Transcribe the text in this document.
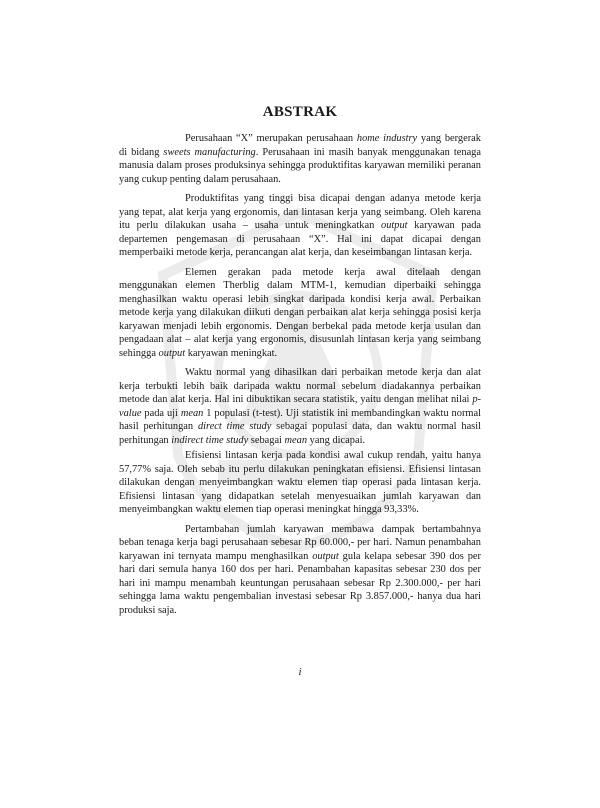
ABSTRAK

Perusahaan “X” merupakan perusahaan home industry yang bergerak di bidang sweets manufacturing. Perusahaan ini masih banyak menggunakan tenaga manusia dalam proses produksinya sehingga produktifitas karyawan memiliki peranan yang cukup penting dalam perusahaan.

Produktifitas yang tinggi bisa dicapai dengan adanya metode kerja yang tepat, alat kerja yang ergonomis, dan lintasan kerja yang seimbang. Oleh karena itu perlu dilakukan usaha – usaha untuk meningkatkan output karyawan pada departemen pengemasan di perusahaan “X”. Hal ini dapat dicapai dengan memperbaiki metode kerja, perancangan alat kerja, dan keseimbangan lintasan kerja.

Elemen gerakan pada metode kerja awal ditelaah dengan menggunakan elemen Therblig dalam MTM-1, kemudian diperbaiki sehingga menghasilkan waktu operasi lebih singkat daripada kondisi kerja awal. Perbaikan metode kerja yang dilakukan diikuti dengan perbaikan alat kerja sehingga posisi kerja karyawan menjadi lebih ergonomis. Dengan berbekal pada metode kerja usulan dan pengadaan alat – alat kerja yang ergonomis, disusunlah lintasan kerja yang seimbang sehingga output karyawan meningkat.

Waktu normal yang dihasilkan dari perbaikan metode kerja dan alat kerja terbukti lebih baik daripada waktu normal sebelum diadakannya perbaikan metode dan alat kerja. Hal ini dibuktikan secara statistik, yaitu dengan melihat nilai p-value pada uji mean 1 populasi (t-test). Uji statistik ini membandingkan waktu normal hasil perhitungan direct time study sebagai populasi data, dan waktu normal hasil perhitungan indirect time study sebagai mean yang dicapai.

Efisiensi lintasan kerja pada kondisi awal cukup rendah, yaitu hanya 57,77% saja. Oleh sebab itu perlu dilakukan peningkatan efisiensi. Efisiensi lintasan dilakukan dengan menyeimbangkan waktu elemen tiap operasi pada lintasan kerja. Efisiensi lintasan yang didapatkan setelah menyesuaikan jumlah karyawan dan menyeimbangkan waktu elemen tiap operasi meningkat hingga 93,33%.

Pertambahan jumlah karyawan membawa dampak bertambahnya beban tenaga kerja bagi perusahaan sebesar Rp 60.000,- per hari. Namun penambahan karyawan ini ternyata mampu menghasilkan output gula kelapa sebesar 390 dos per hari dari semula hanya 160 dos per hari. Penambahan kapasitas sebesar 230 dos per hari ini mampu menambah keuntungan perusahaan sebesar Rp 2.300.000,- per hari sehingga lama waktu pengembalian investasi sebesar Rp 3.857.000,- hanya dua hari produksi saja.

i
